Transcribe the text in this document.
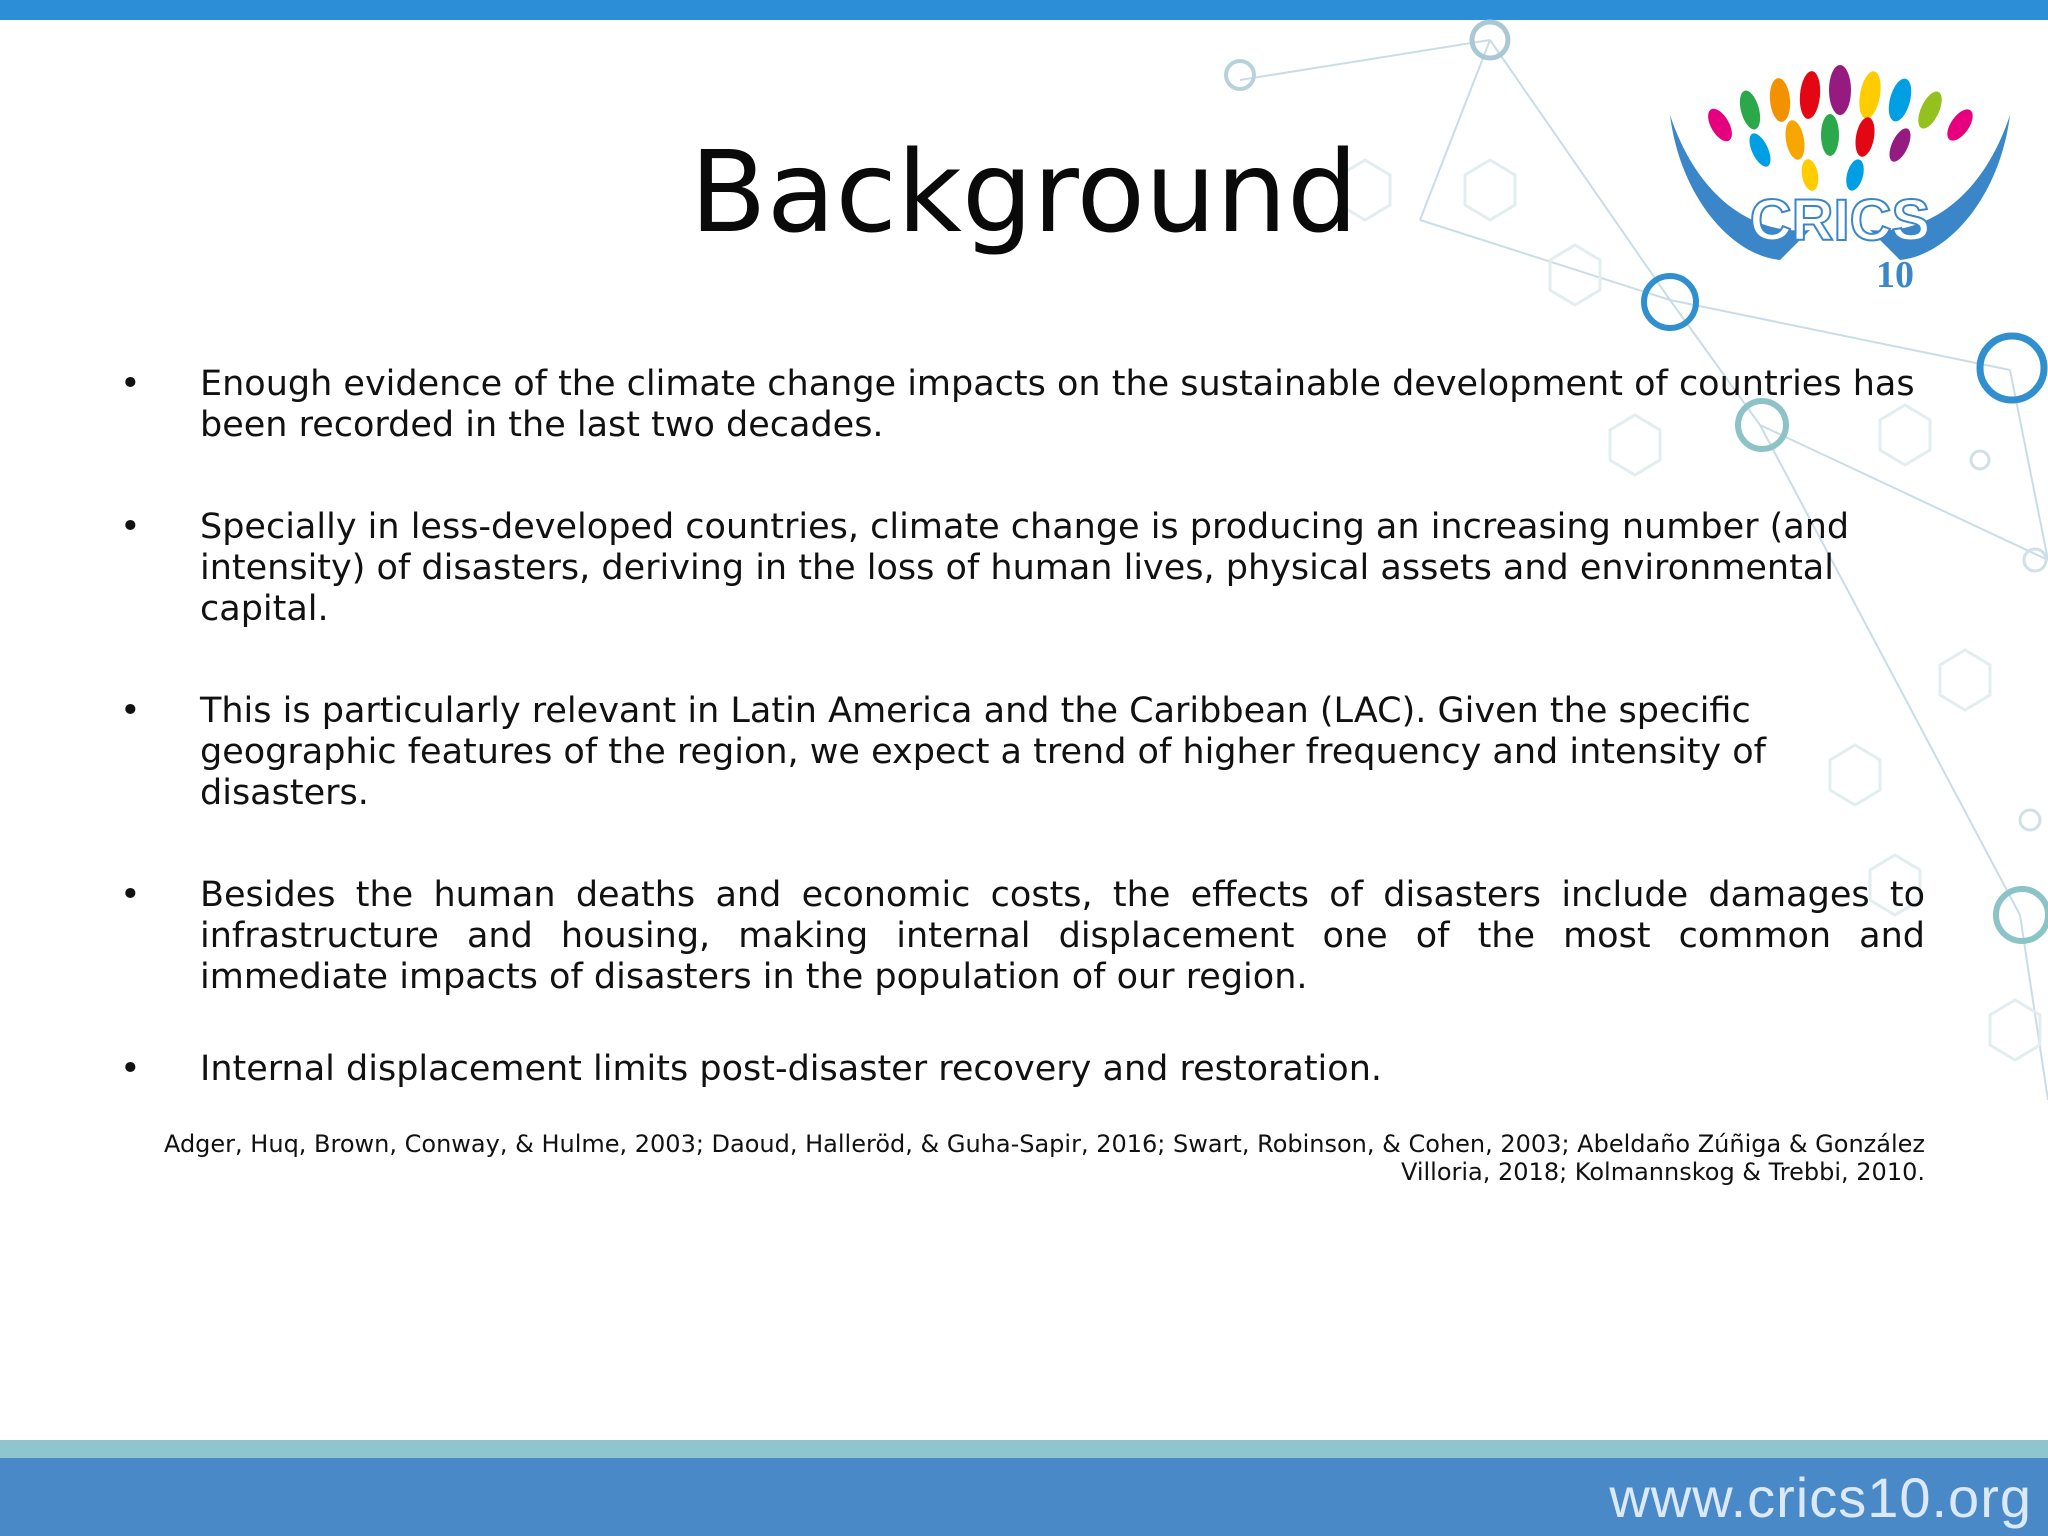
Background	CRICS
10
• Enough evidence of the climate change impacts on the sustainable development of countries has been recorded in the last two decades.
• Specially in less-developed countries, climate change is producing an increasing number (and intensity) of disasters, deriving in the loss of human lives, physical assets and environmental capital.
• This is particularly relevant in Latin America and the Caribbean (LAC). Given the specific geographic features of the region, we expect a trend of higher frequency and intensity of disasters.
• Besides the human deaths and economic costs, the effects of disasters include damages to infrastructure and housing, making internal displacement one of the most common and immediate impacts of disasters in the population of our region.
• Internal displacement limits post-disaster recovery and restoration.
Adger, Huq, Brown, Conway, & Hulme, 2003; Daoud, Halleröd, & Guha-Sapir, 2016; Swart, Robinson, & Cohen, 2003; Abeldaño Zúñiga & González Villoria, 2018; Kolmannskog & Trebbi, 2010.
www.crics10.org
